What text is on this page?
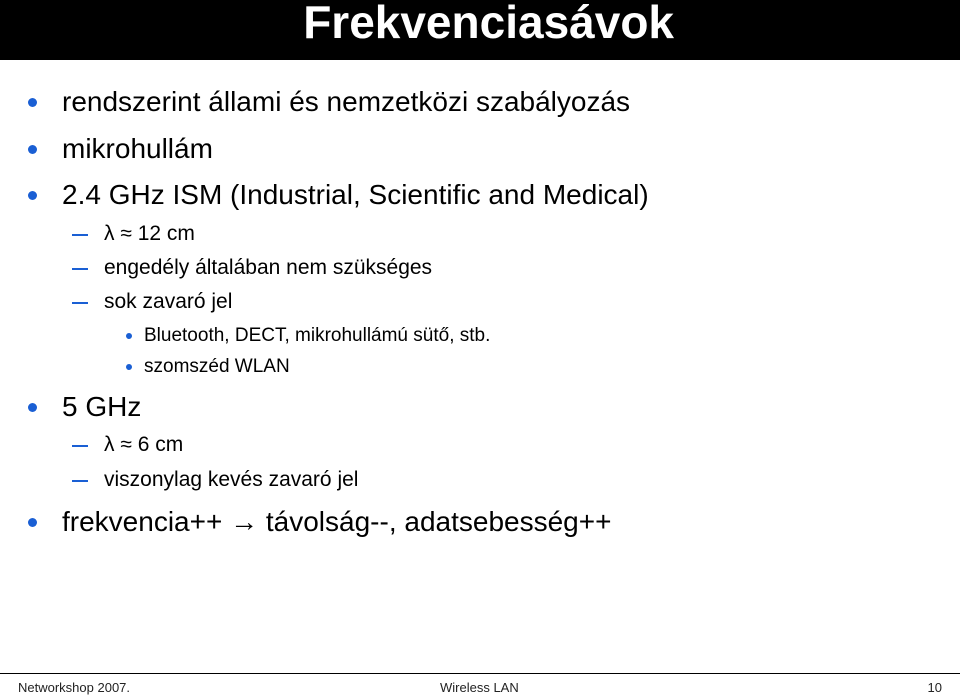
Frekvenciasávok
rendszerint állami és nemzetközi szabályozás
mikrohullám
2.4 GHz ISM (Industrial, Scientific and Medical)
λ ≈ 12 cm
engedély általában nem szükséges
sok zavaró jel
Bluetooth, DECT, mikrohullámú sütő, stb.
szomszéd WLAN
5 GHz
λ ≈ 6 cm
viszonylag kevés zavaró jel
frekvencia++ → távolság--, adatsebesség++
Networkshop 2007.	Wireless LAN	10
